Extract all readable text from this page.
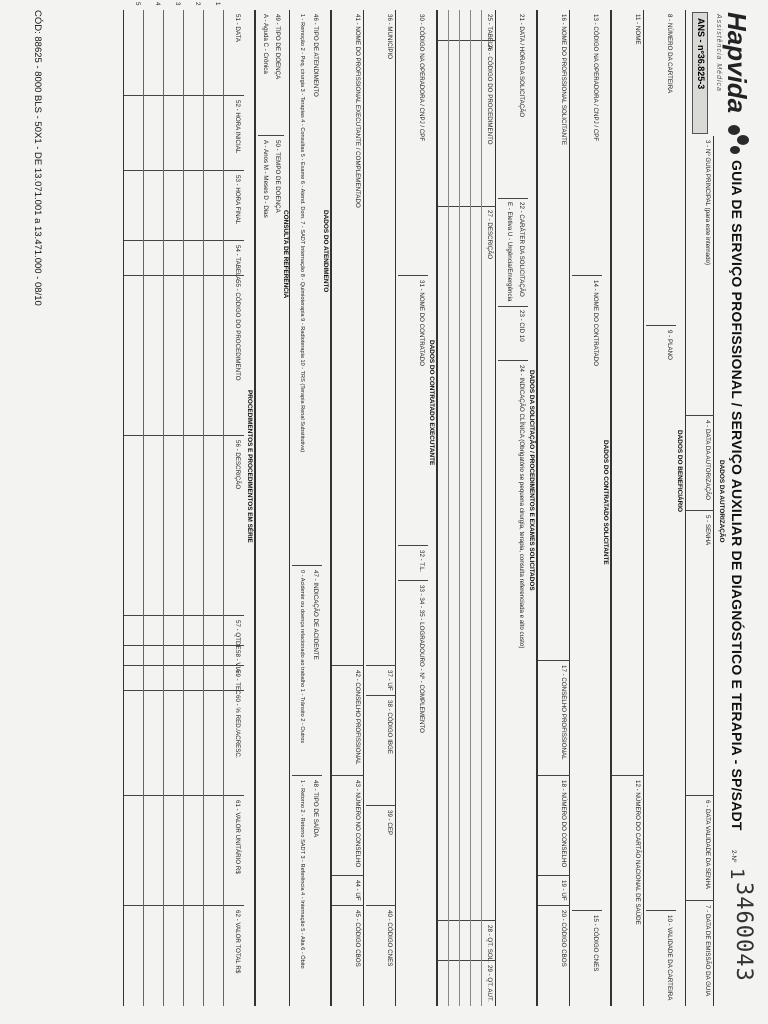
Hapvida
Assistência Médica
GUIA DE SERVIÇO PROFISSIONAL / SERVIÇO AUXILIAR DE DIAGNÓSTICO E TERAPIA - SP/SADT
ANS - nº36.825-3
2-Nº
1
3460043
3 - Nº GUIA PRINCIPAL (para este internado)
4 - DATA DA AUTORIZAÇÃO
5 - SENHA
6 - DATA VALIDADE DA SENHA
7 - DATA DE EMISSÃO DA GUIA
DADOS DA AUTORIZAÇÃO
DADOS DO BENEFICIÁRIO
8 - NÚMERO DA CARTEIRA
9 - PLANO
10 - VALIDADE DA CARTEIRA
11 - NOME
12 - NÚMERO DO CARTÃO NACIONAL DE SAÚDE
DADOS DO CONTRATADO SOLICITANTE
13 - CÓDIGO NA OPERADORA / CNPJ / CPF
14 - NOME DO CONTRATADO
15 - CÓDIGO CNES
16 - NOME DO PROFISSIONAL SOLICITANTE
17 - CONSELHO PROFISSIONAL
18 - NÚMERO DO CONSELHO
19 - UF
20 - CÓDIGO CBOS
DADOS DA SOLICITAÇÃO / PROCEDIMENTOS E EXAMES SOLICITADOS
21 - DATA / HORA DA SOLICITAÇÃO
22 - CARÁTER DA SOLICITAÇÃO
E - Eletiva U - Urgência/Emergência
23 - CID 10
24 - INDICAÇÃO CLÍNICA (Obrigatório se pequena cirurgia, terapia, consulta referenciada e alto custo)
25 - TABELA
26 - CÓDIGO DO PROCEDIMENTO
27 - DESCRIÇÃO
28 - QT. SOL.
29 - QT. AUT.
DADOS DO CONTRATADO EXECUTANTE
30 - CÓDIGO NA OPERADORA / CNPJ / CPF
31 - NOME DO CONTRATADO
32 - T.L.
33 - 34 - 35 - LOGRADOURO - Nº - COMPLEMENTO
36 - MUNICÍPIO
37 - UF
38 - CÓDIGO IBGE
39 - CEP
40 - CÓDIGO CNES
41 - NOME DO PROFISSIONAL EXECUTANTE / COMPLEMENTADO
42 - CONSELHO PROFISSIONAL
43 - NÚMERO NO CONSELHO
44 - UF
45 - CÓDIGO CBOS
DADOS DO ATENDIMENTO
46 - TIPO DE ATENDIMENTO
1 - Remoção 2 - Peq. cirurgia 3 - Terapias 4 - Consultas 5 - Exame 6 - Atend. Dom. 7 - SADT Internação 8 - Quimioterapia 9 - Radioterapia 10 - TRS (Terapia Renal Substitutiva)
47 - INDICAÇÃO DE ACIDENTE
0 - Acidente ou doença relacionado ao trabalho 1 - Trânsito 2 - Outros
48 - TIPO DE SAÍDA
1 - Retorno 2 - Retorno SADT 3 - Referência 4 - Internação 5 - Alta 6 - Óbito
CONSULTA DE REFERÊNCIA
49 - TIPO DE DOENÇA
A - Aguda C - Crônica
50 - TEMPO DE DOENÇA
A - Anos M - Meses D - Dias
PROCEDIMENTOS E PROCEDIMENTOS EM SÉRIE
51 - DATA
52 - HORA INICIAL
53 - HORA FINAL
54 - TABELA
55 - CÓDIGO DO PROCEDIMENTO
56 - DESCRIÇÃO
57 - QTDE
58 - VIA
59 - TEC
60 - % RED./ACRESC.
61 - VALOR UNITÁRIO R$
62 - VALOR TOTAL R$
1
2
3
4
5
CÓD: 88625 - 8000 BLS - 50X1 - DE 13.071.001 a 13.471.000 - 08/10
